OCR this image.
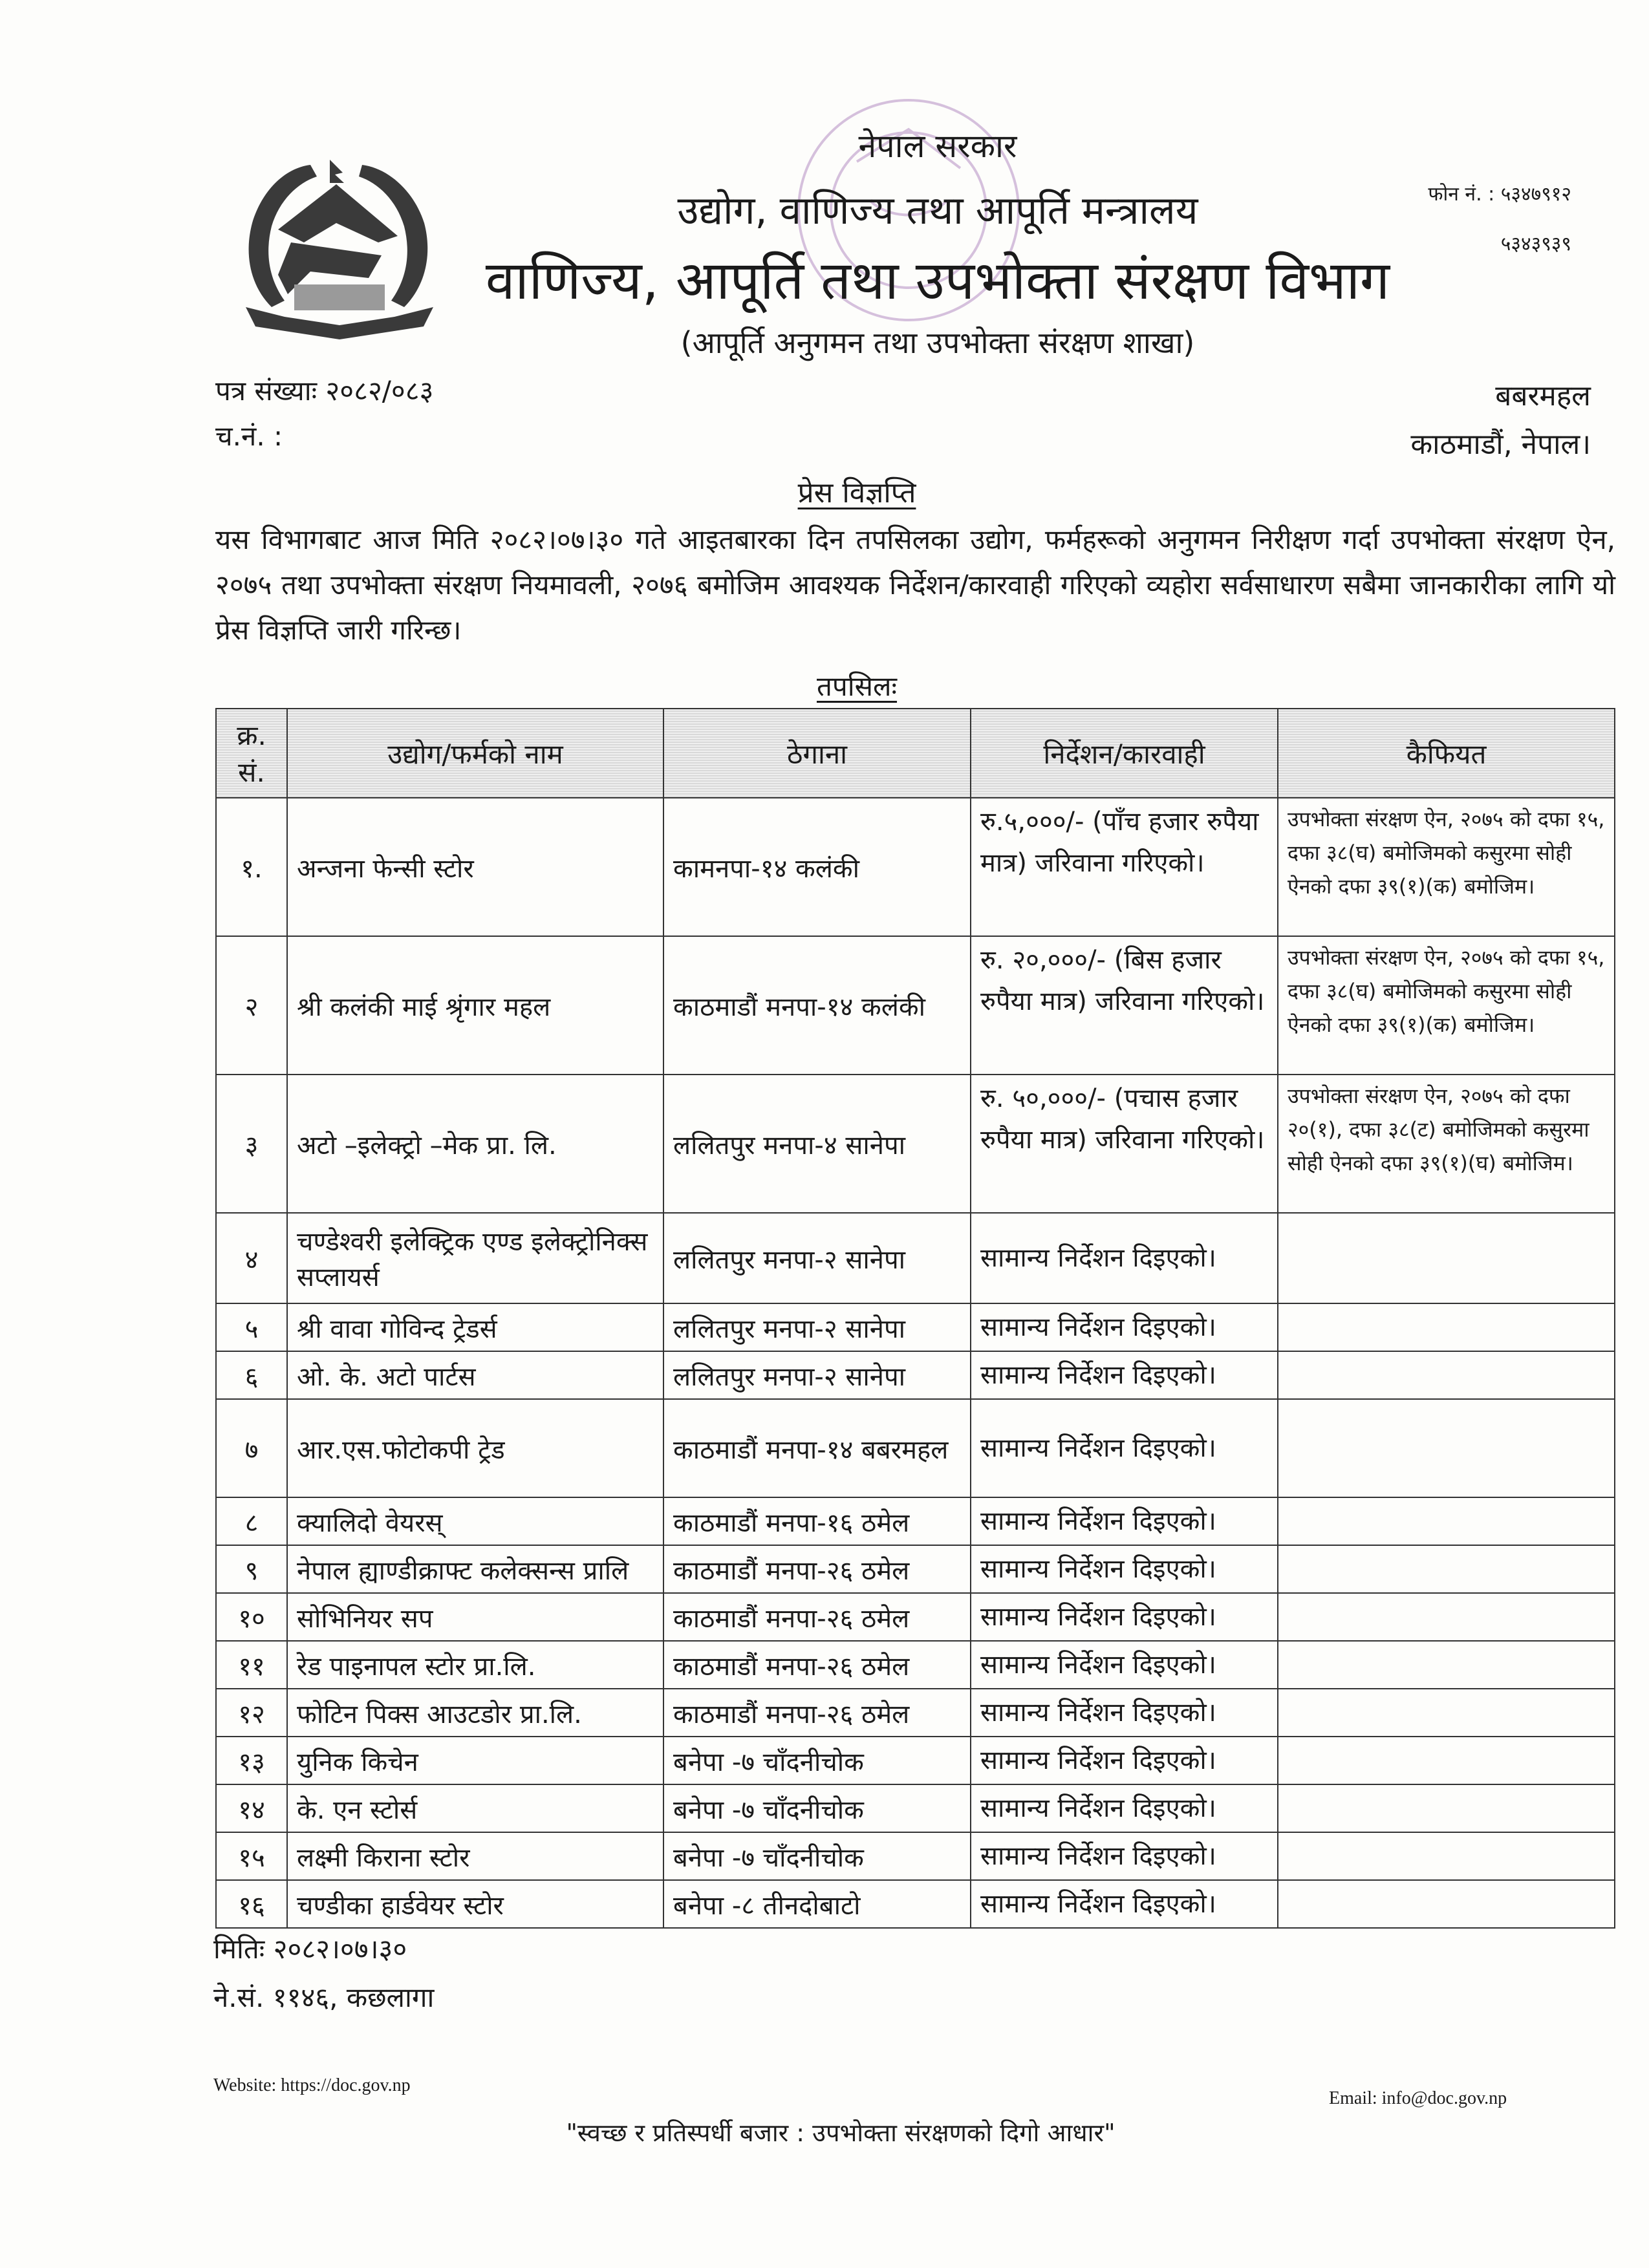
नेपाल सरकार
उद्योग, वाणिज्य तथा आपूर्ति मन्त्रालय
वाणिज्य, आपूर्ति तथा उपभोक्ता संरक्षण विभाग
(आपूर्ति अनुगमन तथा उपभोक्ता संरक्षण शाखा)
फोन नं. : ५३४७९१२
५३४३९३९
पत्र संख्याः २०८२/०८३
च.नं. :
बबरमहल
काठमाडौं, नेपाल।
प्रेस विज्ञप्ति
यस विभागबाट आज मिति २०८२।०७।३० गते आइतबारका दिन तपसिलका उद्योग, फर्महरूको अनुगमन निरीक्षण गर्दा उपभोक्ता संरक्षण ऐन, २०७५ तथा उपभोक्ता संरक्षण नियमावली, २०७६ बमोजिम आवश्यक निर्देशन/कारवाही गरिएको व्यहोरा सर्वसाधारण सबैमा जानकारीका लागि यो प्रेस विज्ञप्ति जारी गरिन्छ।
तपसिलः
क्र. सं.	उद्योग/फर्मको नाम	ठेगाना	निर्देशन/कारवाही	कैफियत
१.	अन्जना फेन्सी स्टोर	कामनपा-१४ कलंकी	रु.५,०००/- (पाँच हजार रुपैया मात्र) जरिवाना गरिएको।	उपभोक्ता संरक्षण ऐन, २०७५ को दफा १५, दफा ३८(घ) बमोजिमको कसुरमा सोही ऐनको दफा ३९(१)(क) बमोजिम।
२	श्री कलंकी माई श्रृंगार महल	काठमाडौं मनपा-१४ कलंकी	रु. २०,०००/- (बिस हजार रुपैया मात्र) जरिवाना गरिएको।	उपभोक्ता संरक्षण ऐन, २०७५ को दफा १५, दफा ३८(घ) बमोजिमको कसुरमा सोही ऐनको दफा ३९(१)(क) बमोजिम।
३	अटो –इलेक्ट्रो –मेक प्रा. लि.	ललितपुर मनपा-४ सानेपा	रु. ५०,०००/- (पचास हजार रुपैया मात्र) जरिवाना गरिएको।	उपभोक्ता संरक्षण ऐन, २०७५ को दफा २०(१), दफा ३८(ट) बमोजिमको कसुरमा सोही ऐनको दफा ३९(१)(घ) बमोजिम।
४	चण्डेश्वरी इलेक्ट्रिक एण्ड इलेक्ट्रोनिक्स सप्लायर्स	ललितपुर मनपा-२ सानेपा	सामान्य निर्देशन दिइएको।	
५	श्री वावा गोविन्द ट्रेडर्स	ललितपुर मनपा-२ सानेपा	सामान्य निर्देशन दिइएको।	
६	ओ. के. अटो पार्टस	ललितपुर मनपा-२ सानेपा	सामान्य निर्देशन दिइएको।	
७	आर.एस.फोटोकपी ट्रेड	काठमाडौं मनपा-१४ बबरमहल	सामान्य निर्देशन दिइएको।	
८	क्यालिदो वेयरस्	काठमाडौं मनपा-१६ ठमेल	सामान्य निर्देशन दिइएको।	
९	नेपाल ह्याण्डीक्राफ्ट कलेक्सन्स प्रालि	काठमाडौं मनपा-२६ ठमेल	सामान्य निर्देशन दिइएको।	
१०	सोभिनियर सप	काठमाडौं मनपा-२६ ठमेल	सामान्य निर्देशन दिइएको।	
११	रेड पाइनापल स्टोर प्रा.लि.	काठमाडौं मनपा-२६ ठमेल	सामान्य निर्देशन दिइएको।	
१२	फोटिन पिक्स आउटडोर प्रा.लि.	काठमाडौं मनपा-२६ ठमेल	सामान्य निर्देशन दिइएको।	
१३	युनिक किचेन	बनेपा -७ चाँदनीचोक	सामान्य निर्देशन दिइएको।	
१४	के. एन स्टोर्स	बनेपा -७ चाँदनीचोक	सामान्य निर्देशन दिइएको।	
१५	लक्ष्मी किराना स्टोर	बनेपा -७ चाँदनीचोक	सामान्य निर्देशन दिइएको।	
१६	चण्डीका हार्डवेयर स्टोर	बनेपा -८ तीनदोबाटो	सामान्य निर्देशन दिइएको।	
मितिः २०८२।०७।३०
ने.सं. ११४६, कछलागा
Website: https://doc.gov.np
Email: info@doc.gov.np
"स्वच्छ र प्रतिस्पर्धी बजार : उपभोक्ता संरक्षणको दिगो आधार"
